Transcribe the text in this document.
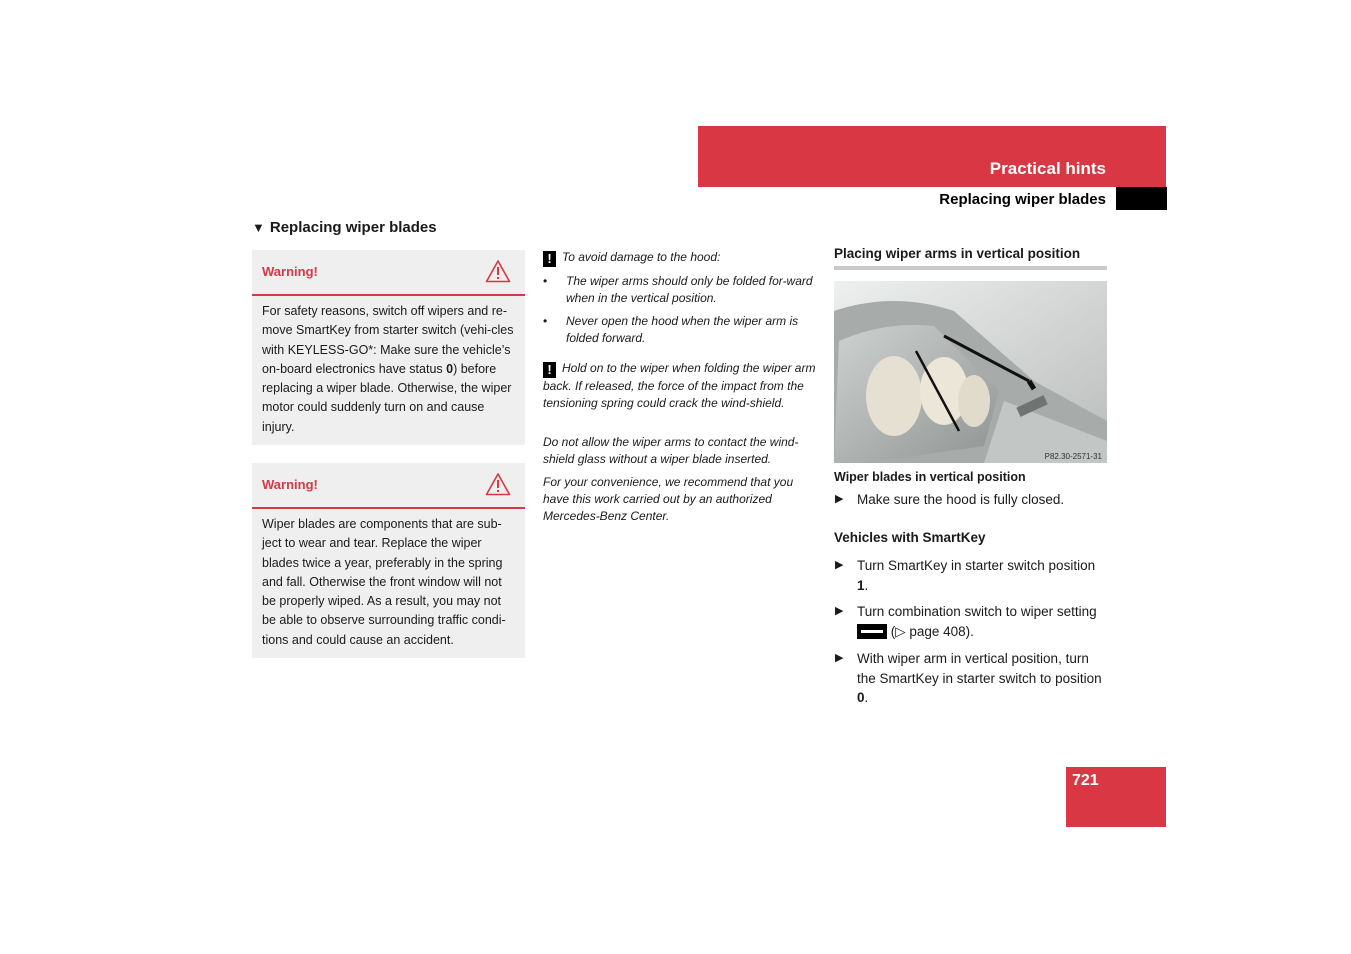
Practical hints
Replacing wiper blades
▼ Replacing wiper blades
Warning!
For safety reasons, switch off wipers and re-move SmartKey from starter switch (vehi-cles with KEYLESS-GO*: Make sure the vehicle’s on-board electronics have status 0) before replacing a wiper blade. Otherwise, the wiper motor could suddenly turn on and cause injury.
Warning!
Wiper blades are components that are sub-ject to wear and tear. Replace the wiper blades twice a year, preferably in the spring and fall. Otherwise the front window will not be properly wiped. As a result, you may not be able to observe surrounding traffic condi-tions and could cause an accident.
! To avoid damage to the hood:
• The wiper arms should only be folded for-ward when in the vertical position.
• Never open the hood when the wiper arm is folded forward.
! Hold on to the wiper when folding the wiper arm back. If released, the force of the impact from the tensioning spring could crack the wind-shield.
Do not allow the wiper arms to contact the wind-shield glass without a wiper blade inserted.
For your convenience, we recommend that you have this work carried out by an authorized Mercedes-Benz Center.
Placing wiper arms in vertical position
P82.30-2571-31
Wiper blades in vertical position
▶ Make sure the hood is fully closed.
Vehicles with SmartKey
▶ Turn SmartKey in starter switch position 1.
▶ Turn combination switch to wiper setting  (▷ page 408).
▶ With wiper arm in vertical position, turn the SmartKey in starter switch to position 0.
721
